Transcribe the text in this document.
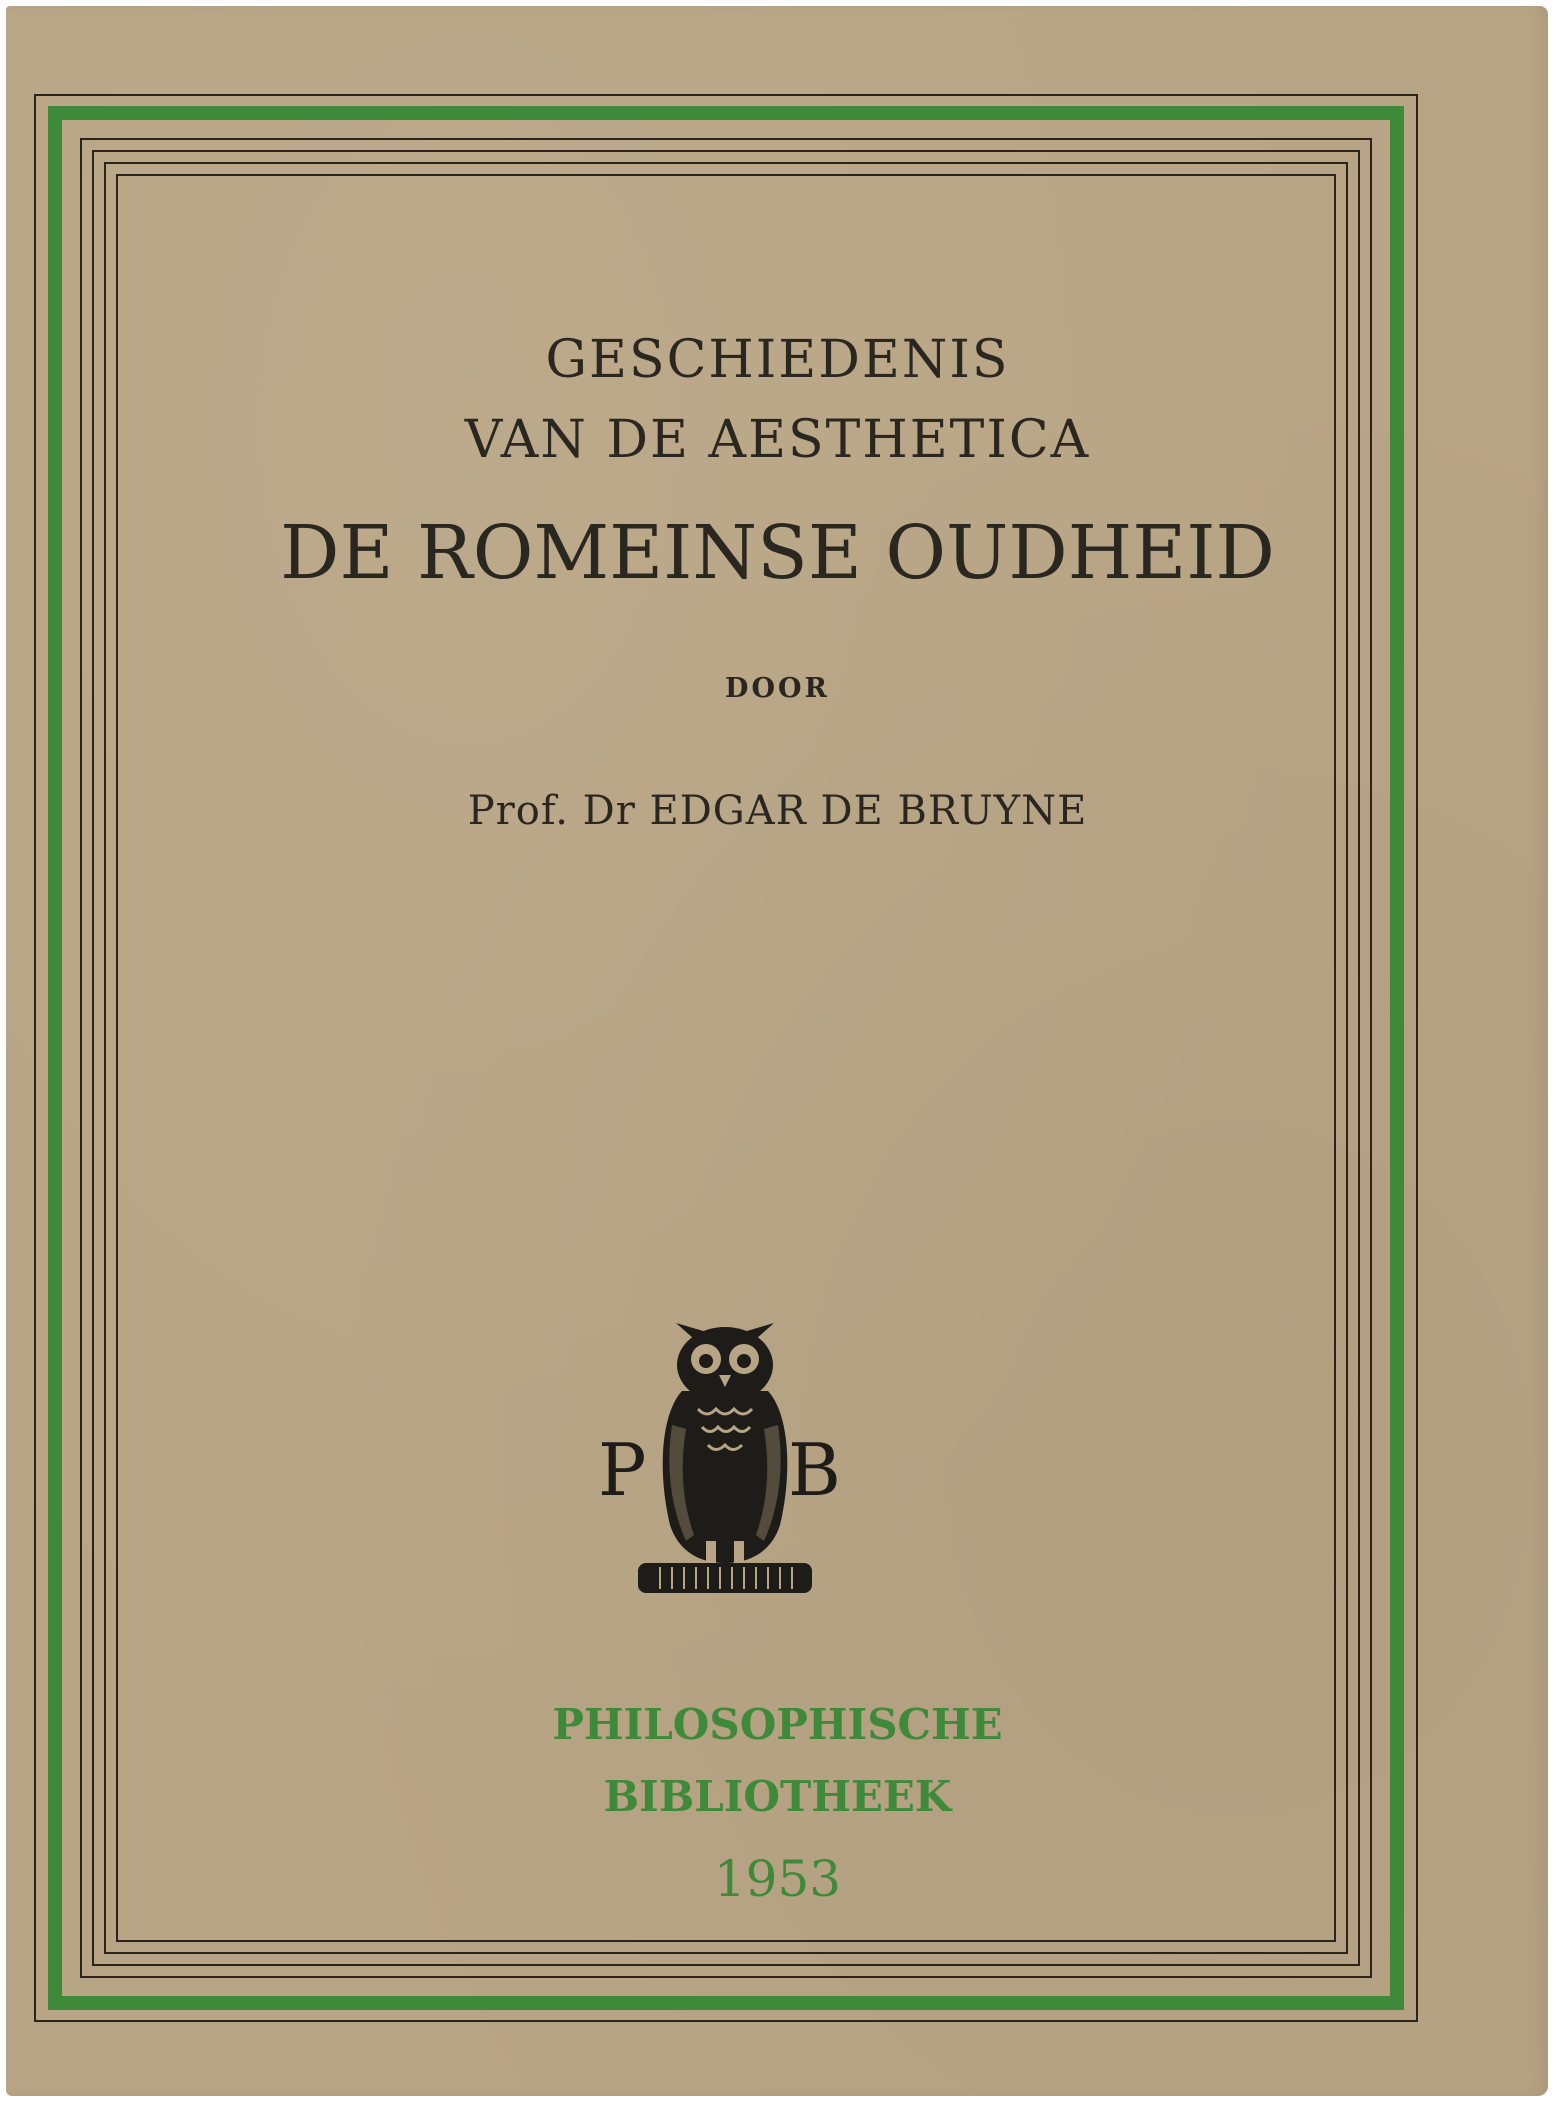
GESCHIEDENIS
VAN DE AESTHETICA
DE ROMEINSE OUDHEID
DOOR
Prof. Dr EDGAR DE BRUYNE
P B
PHILOSOPHISCHE
BIBLIOTHEEK
1953
